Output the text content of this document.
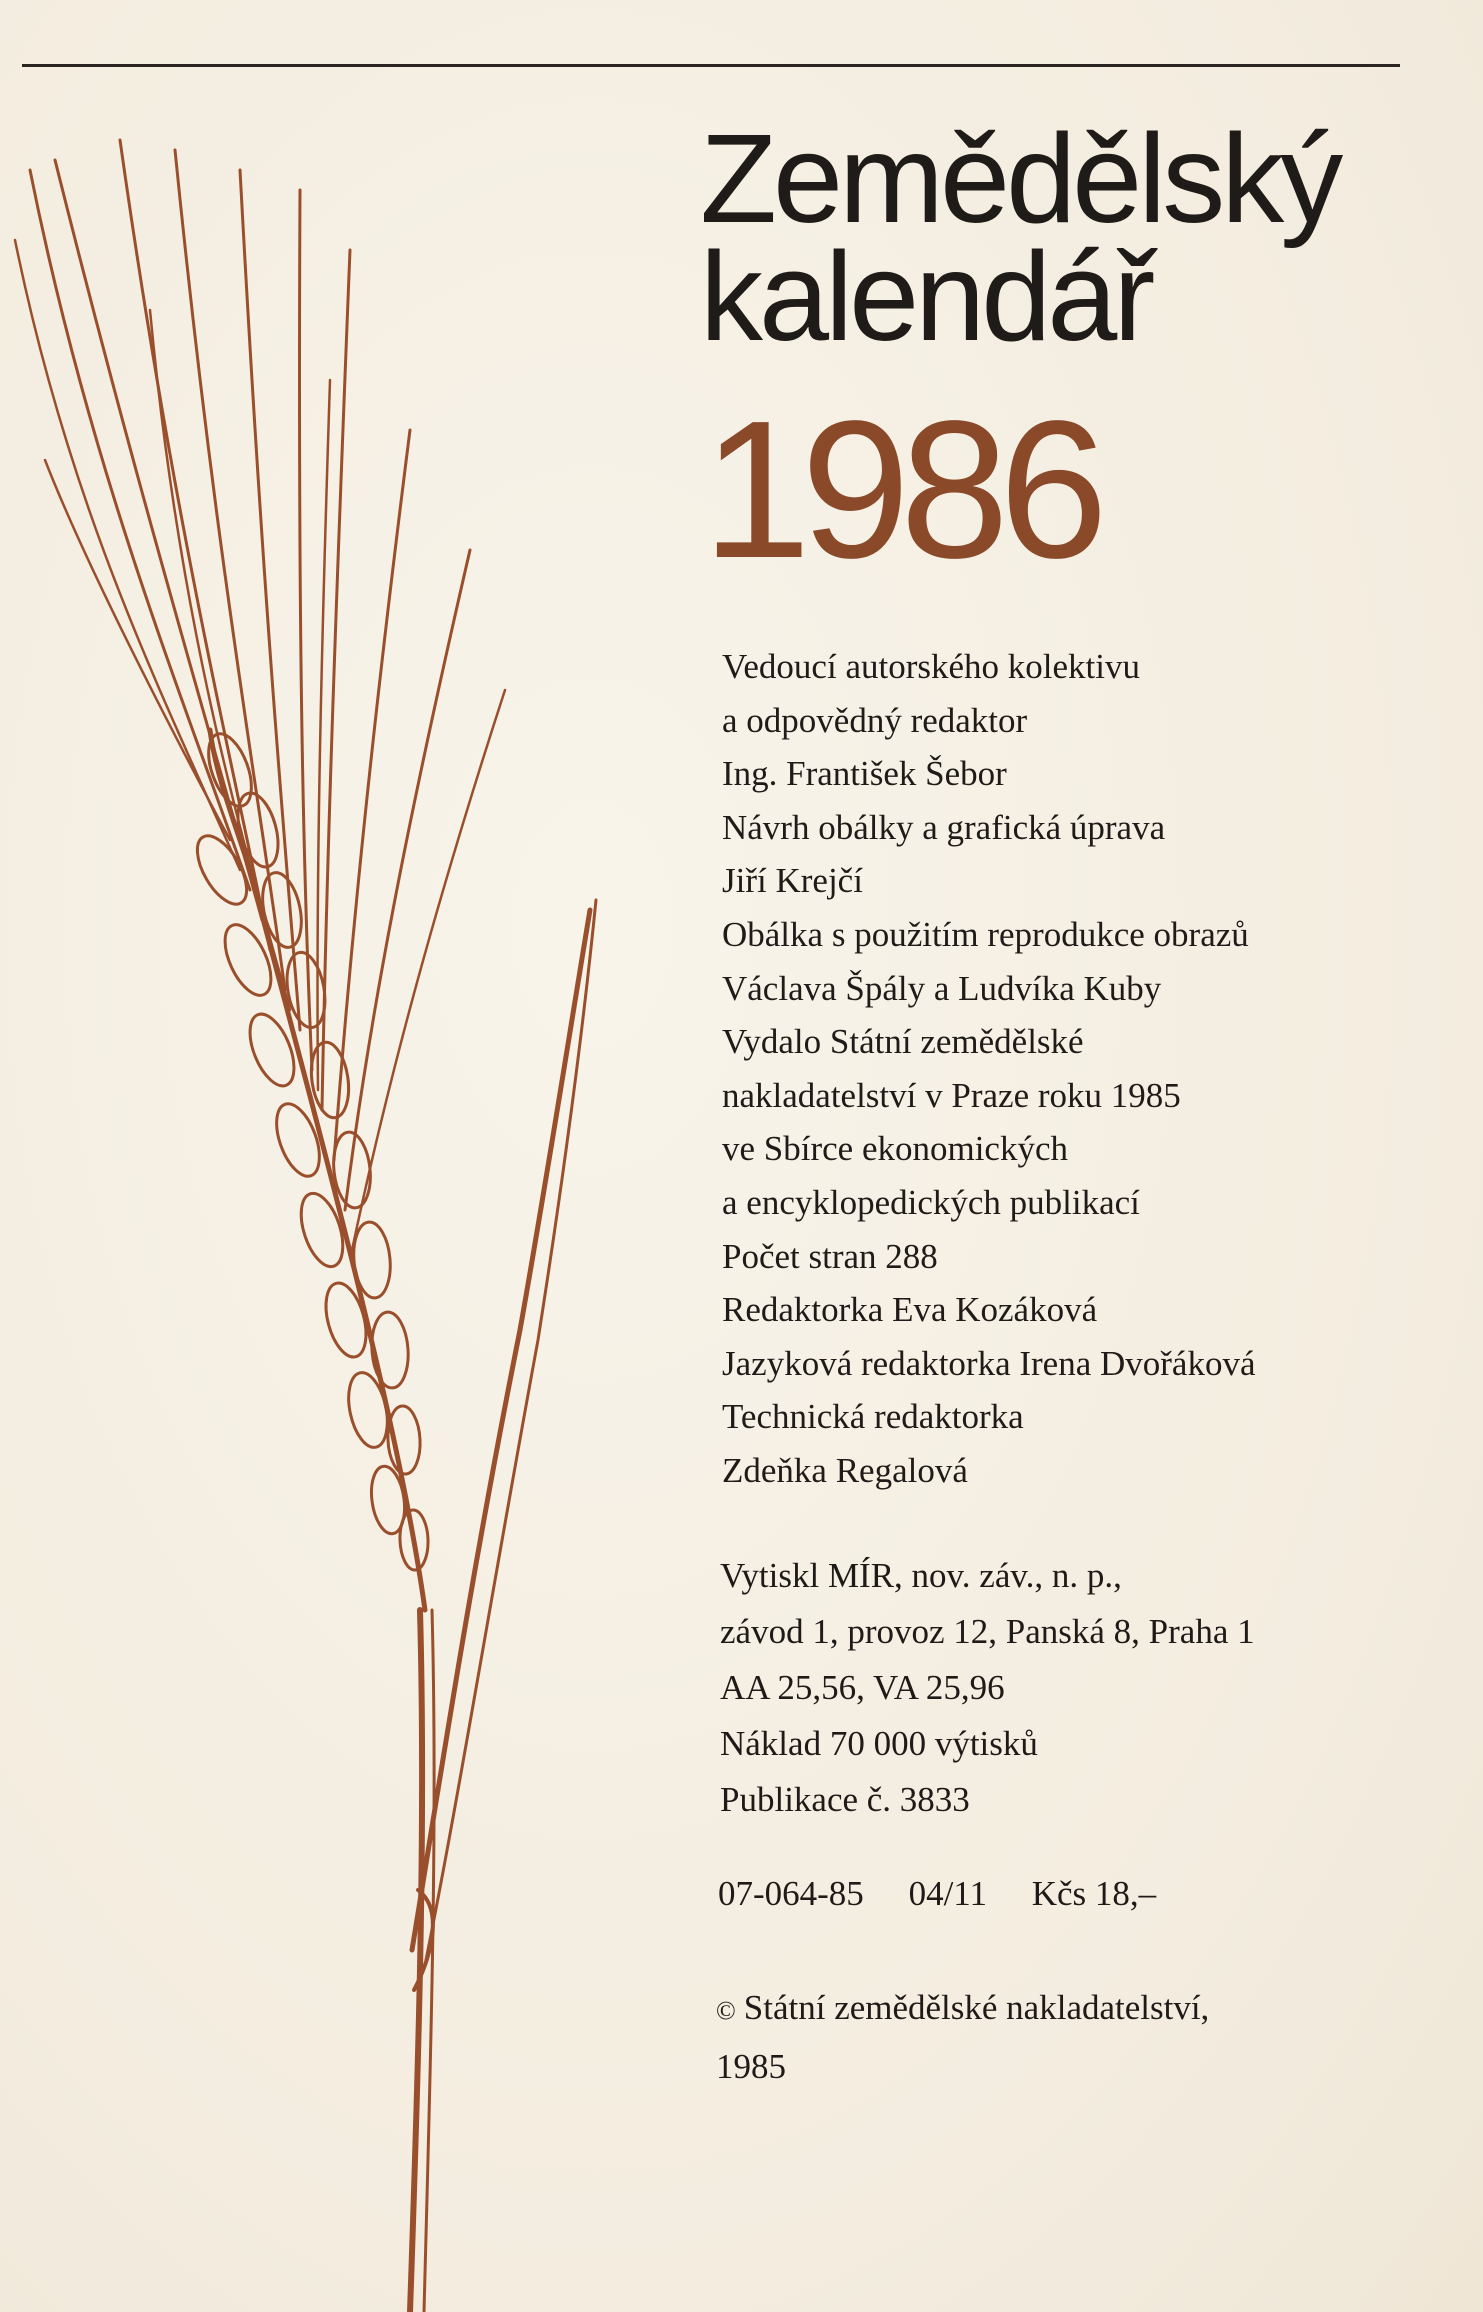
Zemědělský
kalendář
1986
Vedoucí autorského kolektivu
a odpovědný redaktor
Ing. František Šebor
Návrh obálky a grafická úprava
Jiří Krejčí
Obálka s použitím reprodukce obrazů
Václava Špály a Ludvíka Kuby
Vydalo Státní zemědělské
nakladatelství v Praze roku 1985
ve Sbírce ekonomických
a encyklopedických publikací
Počet stran 288
Redaktorka Eva Kozáková
Jazyková redaktorka Irena Dvořáková
Technická redaktorka
Zdeňka Regalová
Vytiskl MÍR, nov. záv., n. p.,
závod 1, provoz 12, Panská 8, Praha 1
AA 25,56, VA 25,96
Náklad 70 000 výtisků
Publikace č. 3833
07-064-85 04/11 Kčs 18,–
© Státní zemědělské nakladatelství,
1985
